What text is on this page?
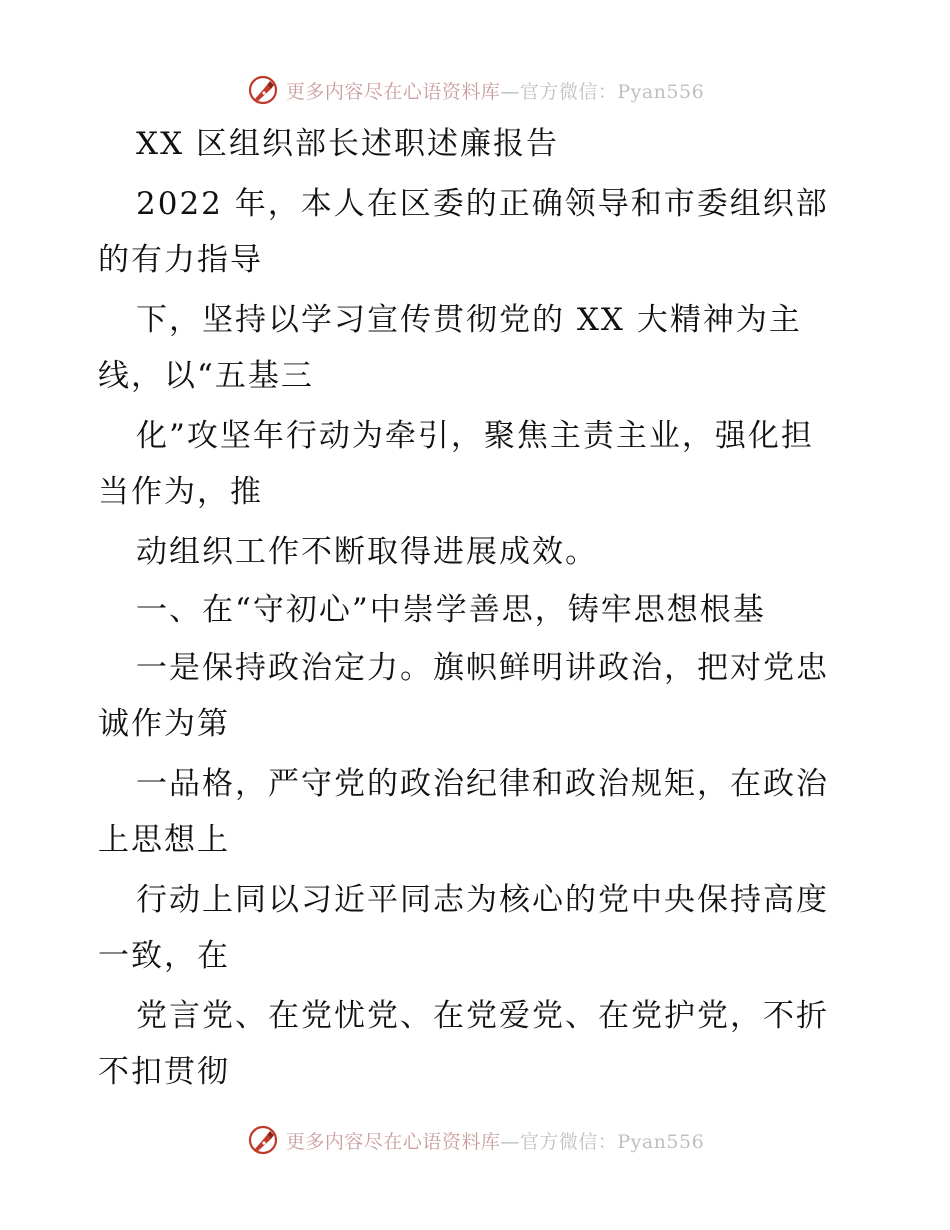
更多内容尽在心语资料库—官方微信：Pyan556
XX 区组织部长述职述廉报告
2022 年，本人在区委的正确领导和市委组织部
的有力指导
下，坚持以学习宣传贯彻党的 XX 大精神为主
线，以“五基三
化”攻坚年行动为牵引，聚焦主责主业，强化担
当作为，推
动组织工作不断取得进展成效。
一、在“守初心”中崇学善思，铸牢思想根基
一是保持政治定力。旗帜鲜明讲政治，把对党忠
诚作为第
一品格，严守党的政治纪律和政治规矩，在政治
上思想上
行动上同以习近平同志为核心的党中央保持高度
一致，在
党言党、在党忧党、在党爱党、在党护党，不折
不扣贯彻
更多内容尽在心语资料库—官方微信：Pyan556
